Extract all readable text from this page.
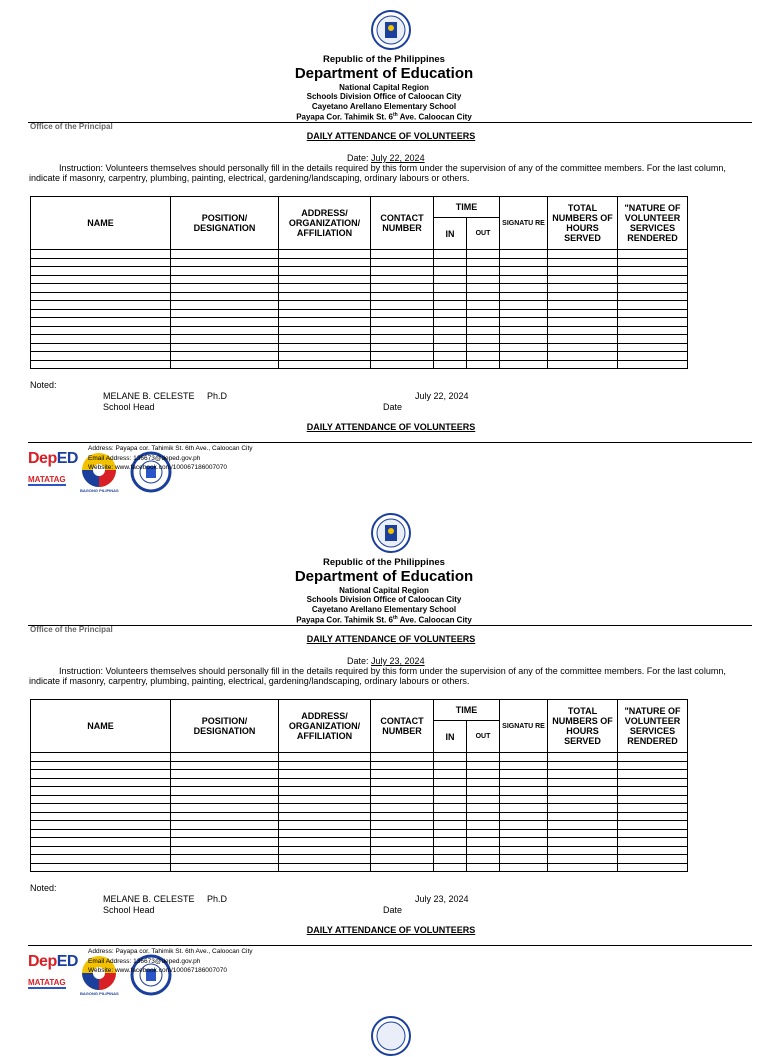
Republic of the Philippines
Department of Education
National Capital Region
Schools Division Office of Caloocan City
Cayetano Arellano Elementary School
Payapa Cor. Tahimik St. 6th Ave. Caloocan City
Office of the Principal
DAILY ATTENDANCE OF VOLUNTEERS
Date: July 22, 2024
Instruction: Volunteers themselves should personally fill in the details required by this form under the supervision of any of the committee members. For the last column, indicate if masonry, carpentry, plumbing, painting, electrical, gardening/landscaping, ordinary labours or others.
NAME	POSITION/ DESIGNATION	ADDRESS/ ORGANIZATION/ AFFILIATION	CONTACT NUMBER	TIME		SIGNATU RE	TOTAL NUMBERS OF HOURS SERVED	"NATURE OF VOLUNTEER SERVICES RENDERED
				IN	OUT			

Noted:
MELANE B. CELESTE Ph.D
School Head
July 22, 2024
Date
DAILY ATTENDANCE OF VOLUNTEERS
DepED
MATATAG
BAGONG PILIPINAS
Address: Payapa cor. Tahimik St. 6th Ave., Caloocan City
Email Address: 136673@deped.gov.ph
Website: www.facebook.com/100067186007070
Republic of the Philippines
Department of Education
National Capital Region
Schools Division Office of Caloocan City
Cayetano Arellano Elementary School
Payapa Cor. Tahimik St. 6th Ave. Caloocan City
Office of the Principal
DAILY ATTENDANCE OF VOLUNTEERS
Date: July 23, 2024
Instruction: Volunteers themselves should personally fill in the details required by this form under the supervision of any of the committee members. For the last column, indicate if masonry, carpentry, plumbing, painting, electrical, gardening/landscaping, ordinary labours or others.
NAME	POSITION/ DESIGNATION	ADDRESS/ ORGANIZATION/ AFFILIATION	CONTACT NUMBER	TIME		SIGNATU RE	TOTAL NUMBERS OF HOURS SERVED	"NATURE OF VOLUNTEER SERVICES RENDERED
				IN	OUT			

Noted:
MELANE B. CELESTE Ph.D
School Head
July 23, 2024
Date
DAILY ATTENDANCE OF VOLUNTEERS
DepED
MATATAG
BAGONG PILIPINAS
Address: Payapa cor. Tahimik St. 6th Ave., Caloocan City
Email Address: 136673@deped.gov.ph
Website: www.facebook.com/100067186007070
